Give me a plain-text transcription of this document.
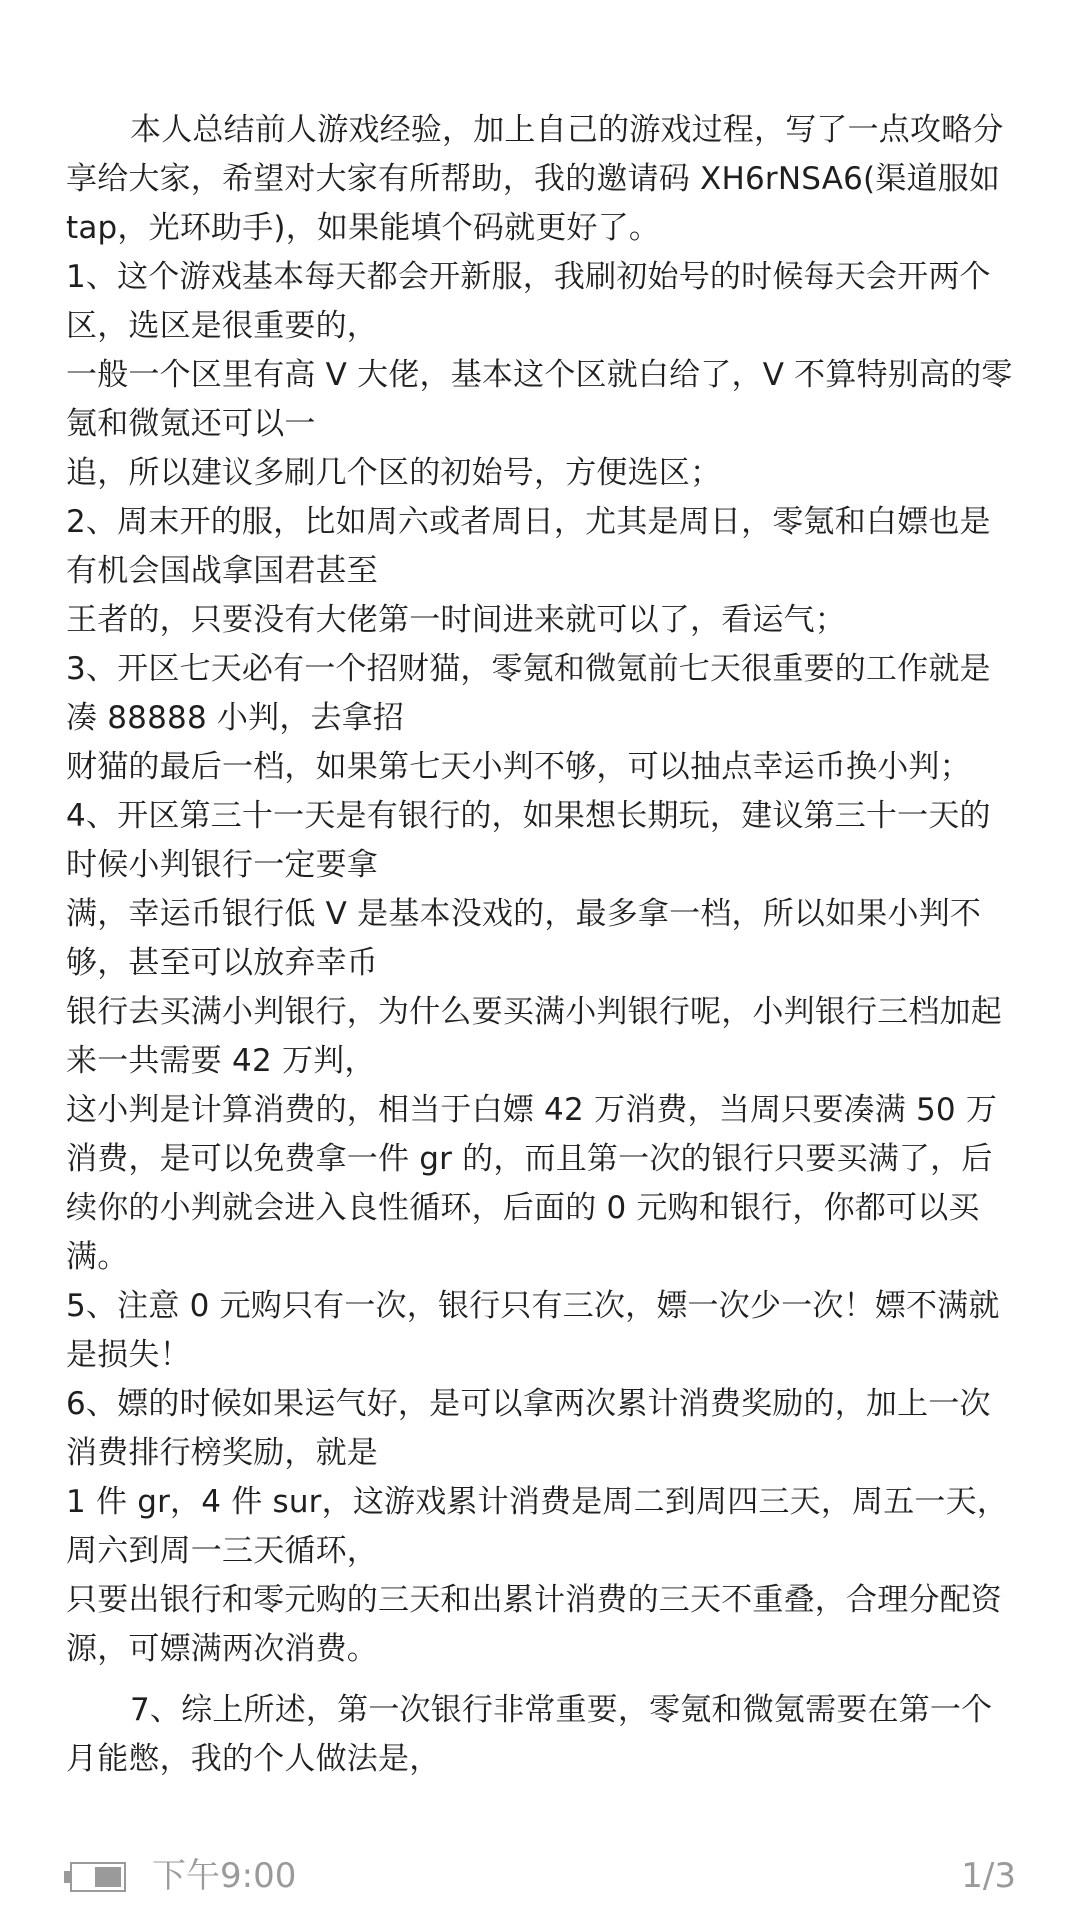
本人总结前人游戏经验，加上自己的游戏过程，写了一点攻略分享给大家，希望对大家有所帮助，我的邀请码 XH6rNSA6(渠道服如 tap，光环助手)，如果能填个码就更好了。

1、这个游戏基本每天都会开新服，我刷初始号的时候每天会开两个区，选区是很重要的，

一般一个区里有高 V 大佬，基本这个区就白给了，V 不算特别高的零氪和微氪还可以一

追，所以建议多刷几个区的初始号，方便选区；

2、周末开的服，比如周六或者周日，尤其是周日，零氪和白嫖也是有机会国战拿国君甚至

王者的，只要没有大佬第一时间进来就可以了，看运气；

3、开区七天必有一个招财猫，零氪和微氪前七天很重要的工作就是凑 88888 小判，去拿招

财猫的最后一档，如果第七天小判不够，可以抽点幸运币换小判；

4、开区第三十一天是有银行的，如果想长期玩，建议第三十一天的时候小判银行一定要拿

满，幸运币银行低 V 是基本没戏的，最多拿一档，所以如果小判不够，甚至可以放弃幸币

银行去买满小判银行，为什么要买满小判银行呢，小判银行三档加起来一共需要 42 万判，

这小判是计算消费的，相当于白嫖 42 万消费，当周只要凑满 50 万消费，是可以免费拿一件 gr 的，而且第一次的银行只要买满了，后续你的小判就会进入良性循环，后面的 0 元购和银行，你都可以买满。

5、注意 0 元购只有一次，银行只有三次，嫖一次少一次！嫖不满就是损失！

6、嫖的时候如果运气好，是可以拿两次累计消费奖励的，加上一次消费排行榜奖励，就是

1 件 gr，4 件 sur，这游戏累计消费是周二到周四三天，周五一天，周六到周一三天循环，

只要出银行和零元购的三天和出累计消费的三天不重叠，合理分配资源，可嫖满两次消费。

7、综上所述，第一次银行非常重要，零氪和微氪需要在第一个月能憋，我的个人做法是，

下午9:00	1/3
